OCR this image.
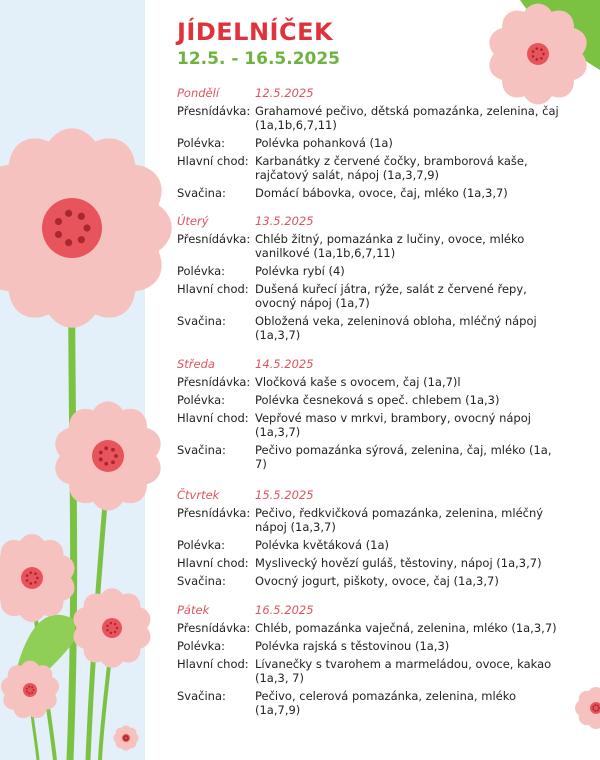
JÍDELNÍČEK
12.5. - 16.5.2025
Pondělí	12.5.2025
Přesnídávka: Grahamové pečivo, dětská pomazánka, zelenina, čaj (1a,1b,6,7,11)
Polévka:	Polévka pohanková (1a)
Hlavní chod: Karbanátky z červené čočky, bramborová kaše, rajčatový salát, nápoj (1a,3,7,9)
Svačina:	Domácí bábovka, ovoce, čaj, mléko (1a,3,7)
Úterý	13.5.2025
Přesnídávka: Chléb žitný, pomazánka z lučiny, ovoce, mléko vanilkové (1a,1b,6,7,11)
Polévka:	Polévka rybí (4)
Hlavní chod: Dušená kuřecí játra, rýže, salát z červené řepy, ovocný nápoj (1a,7)
Svačina:	Obložená veka, zeleninová obloha, mléčný nápoj (1a,3,7)
Středa	14.5.2025
Přesnídávka: Vločková kaše s ovocem, čaj (1a,7)l
Polévka:	Polévka česneková s opeč. chlebem (1a,3)
Hlavní chod: Vepřové maso v mrkvi, brambory, ovocný nápoj (1a,3,7)
Svačina:	Pečivo pomazánka sýrová, zelenina, čaj, mléko (1a, 7)
Čtvrtek	15.5.2025
Přesnídávka: Pečivo, ředkvičková pomazánka, zelenina, mléčný nápoj (1a,3,7)
Polévka:	Polévka květáková (1a)
Hlavní chod: Myslivecký hovězí guláš, těstoviny, nápoj (1a,3,7)
Svačina:	Ovocný jogurt, piškoty, ovoce, čaj (1a,3,7)
Pátek	16.5.2025
Přesnídávka: Chléb, pomazánka vaječná, zelenina, mléko (1a,3,7)
Polévka:	Polévka rajská s těstovinou (1a,3)
Hlavní chod: Lívanečky s tvarohem a marmeládou, ovoce, kakao (1a,3, 7)
Svačina:	Pečivo, celerová pomazánka, zelenina, mléko (1a,7,9)
